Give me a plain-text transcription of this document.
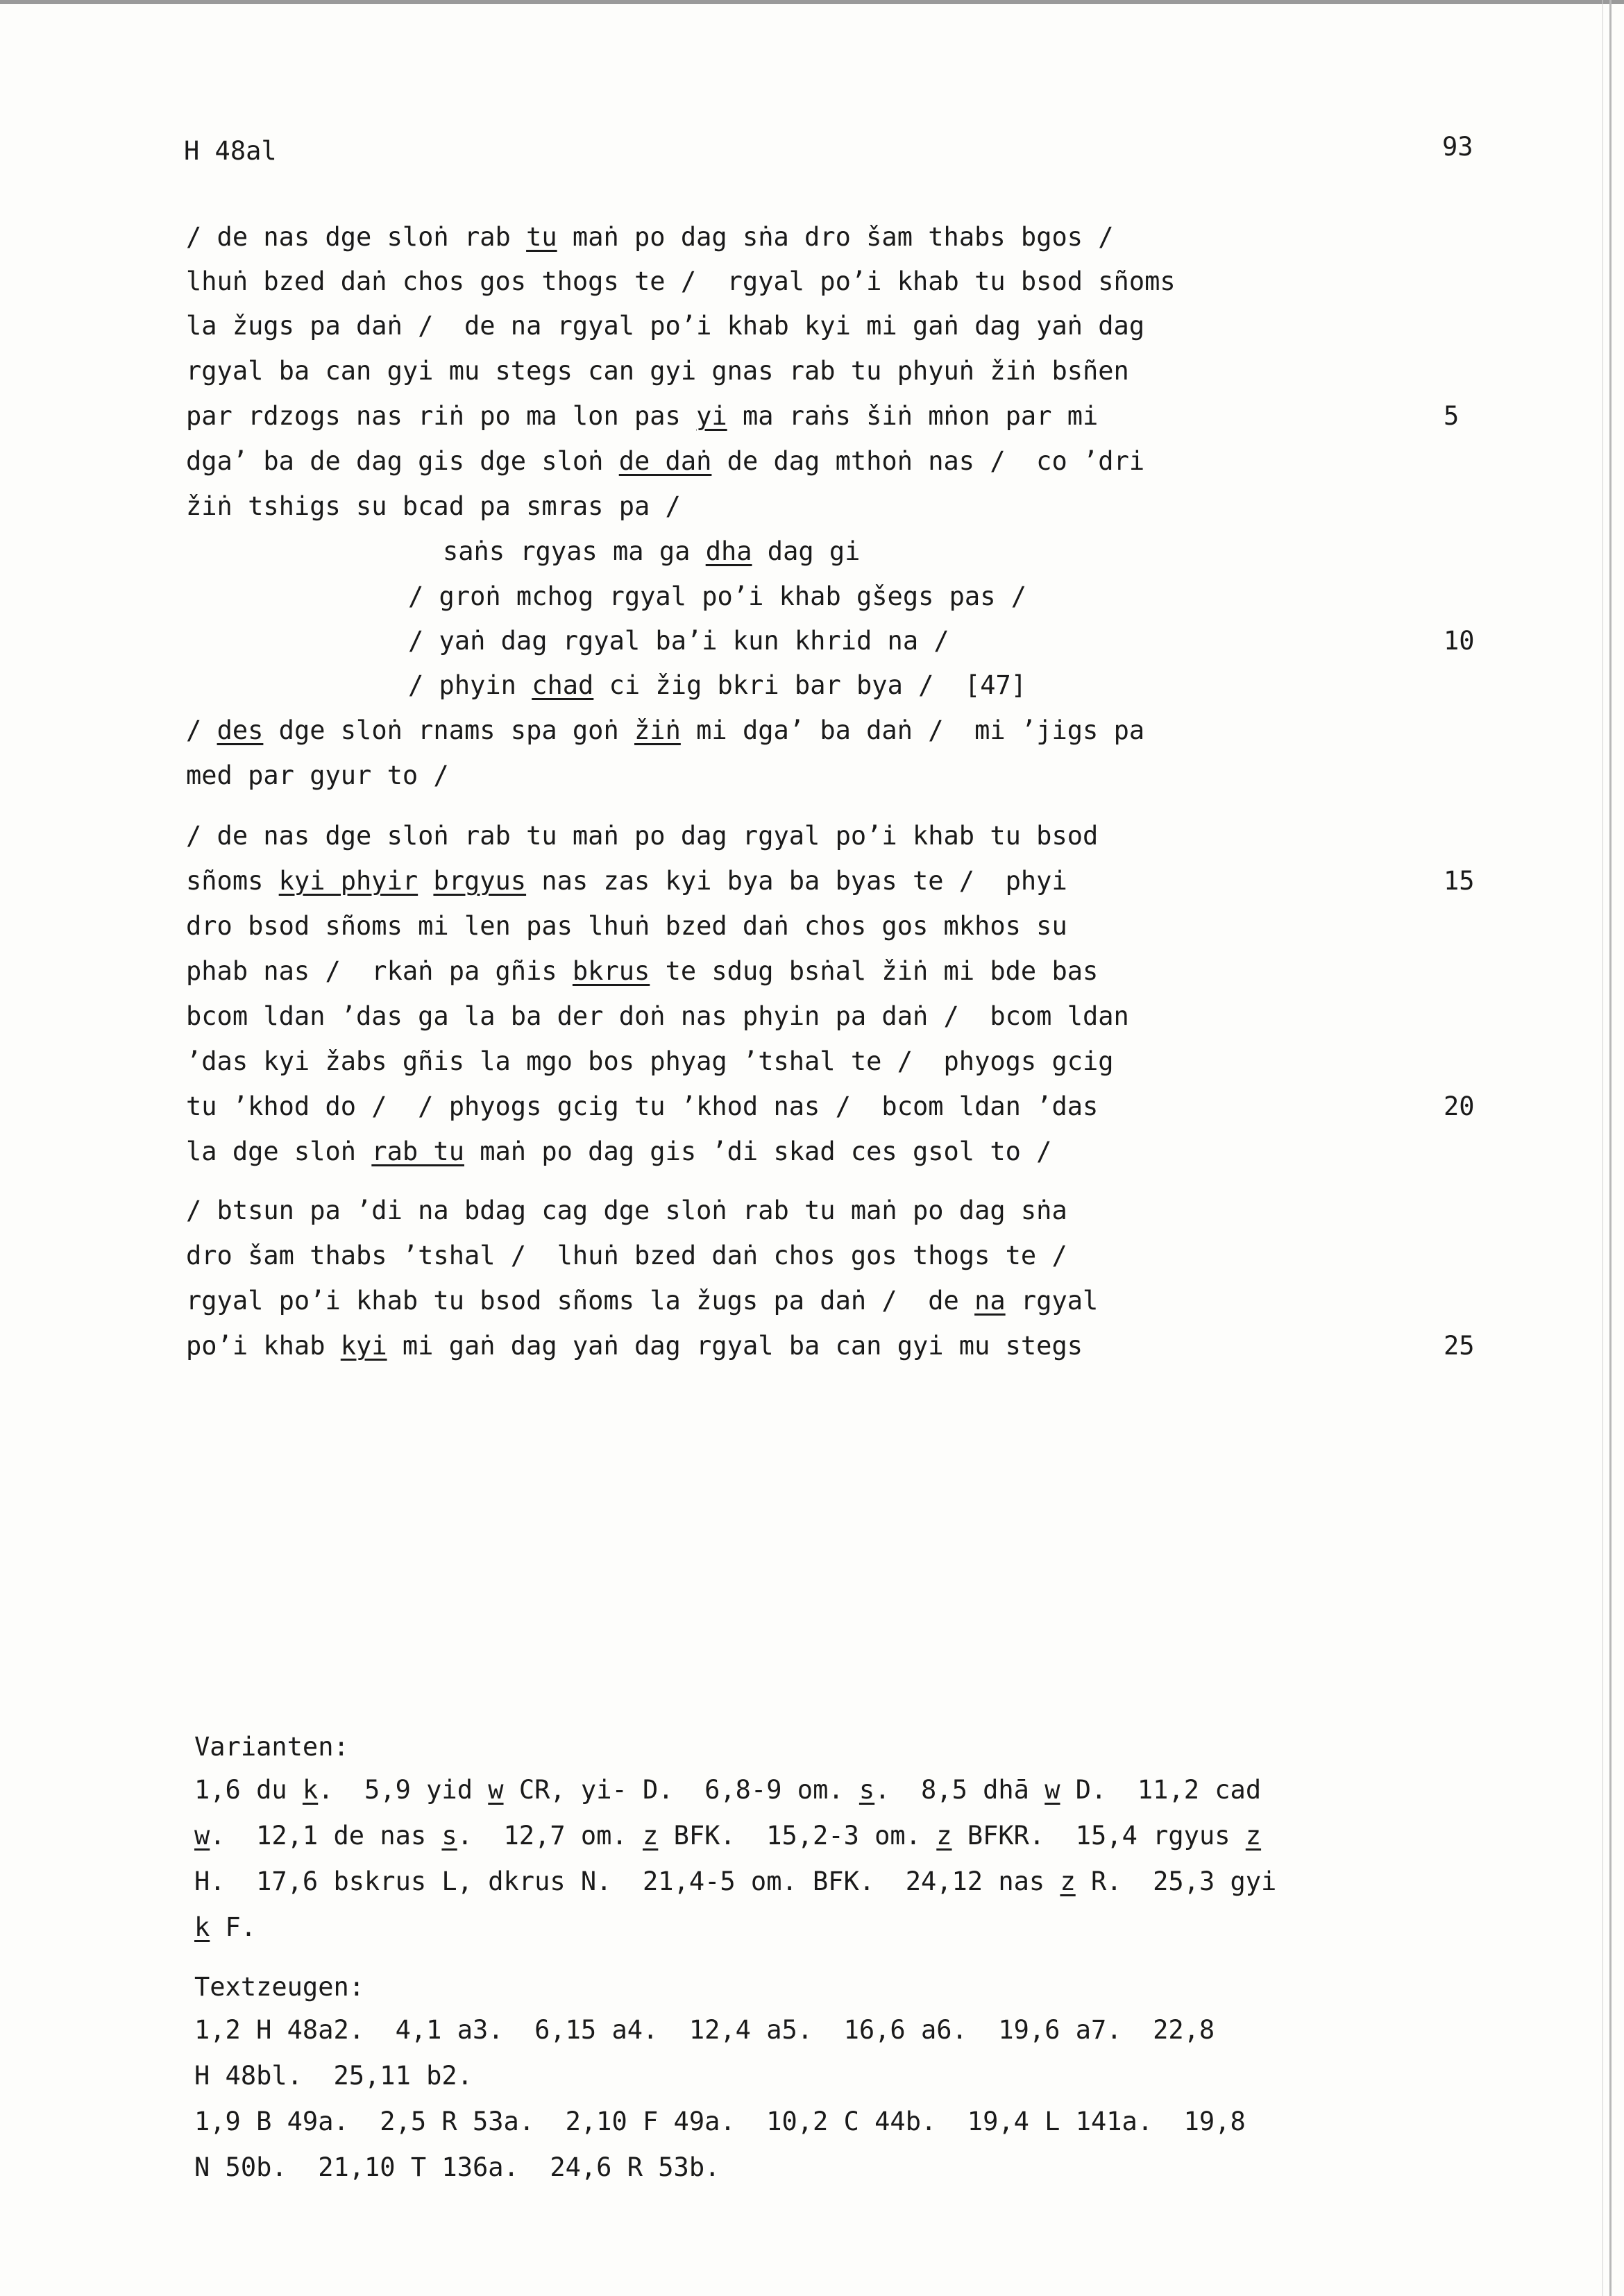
H 48al	93
/ de nas dge sloṅ rab tu maṅ po dag sṅa dro šam thabs bgos /
lhuṅ bzed daṅ chos gos thogs te /  rgyal po’i khab tu bsod sñoms
la žugs pa daṅ /  de na rgyal po’i khab kyi mi gaṅ dag yaṅ dag
rgyal ba can gyi mu stegs can gyi gnas rab tu phyuṅ žiṅ bsñen
par rdzogs nas riṅ po ma lon pas yi ma raṅs šiṅ mṅon par mi	5
dga’ ba de dag gis dge sloṅ de daṅ de dag mthoṅ nas /  co ’dri
žiṅ tshigs su bcad pa smras pa /
saṅs rgyas ma ga dha dag gi
/ groṅ mchog rgyal po’i khab gšegs pas /
/ yaṅ dag rgyal ba’i kun khrid na /	10
/ phyin chad ci žig bkri bar bya /  [47]
/ des dge sloṅ rnams spa goṅ žiṅ mi dga’ ba daṅ /  mi ’jigs pa
med par gyur to /
/ de nas dge sloṅ rab tu maṅ po dag rgyal po’i khab tu bsod
sñoms kyi phyir brgyus nas zas kyi bya ba byas te /  phyi	15
dro bsod sñoms mi len pas lhuṅ bzed daṅ chos gos mkhos su
phab nas /  rkaṅ pa gñis bkrus te sdug bsṅal žiṅ mi bde bas
bcom ldan ’das ga la ba der doṅ nas phyin pa daṅ /  bcom ldan
’das kyi žabs gñis la mgo bos phyag ’tshal te /  phyogs gcig
tu ’khod do /  / phyogs gcig tu ’khod nas /  bcom ldan ’das	20
la dge sloṅ rab tu maṅ po dag gis ’di skad ces gsol to /
/ btsun pa ’di na bdag cag dge sloṅ rab tu maṅ po dag sṅa
dro šam thabs ’tshal /  lhuṅ bzed daṅ chos gos thogs te /
rgyal po’i khab tu bsod sñoms la žugs pa daṅ /  de na rgyal
po’i khab kyi mi gaṅ dag yaṅ dag rgyal ba can gyi mu stegs	25
Varianten:
1,6 du k.  5,9 yid w CR, yi- D.  6,8-9 om. s.  8,5 dhā w D.  11,2 cad
w.  12,1 de nas s.  12,7 om. z BFK.  15,2-3 om. z BFKR.  15,4 rgyus z
H.  17,6 bskrus L, dkrus N.  21,4-5 om. BFK.  24,12 nas z R.  25,3 gyi
k F.
Textzeugen:
1,2 H 48a2.  4,1 a3.  6,15 a4.  12,4 a5.  16,6 a6.  19,6 a7.  22,8
H 48bl.  25,11 b2.
1,9 B 49a.  2,5 R 53a.  2,10 F 49a.  10,2 C 44b.  19,4 L 141a.  19,8
N 50b.  21,10 T 136a.  24,6 R 53b.
